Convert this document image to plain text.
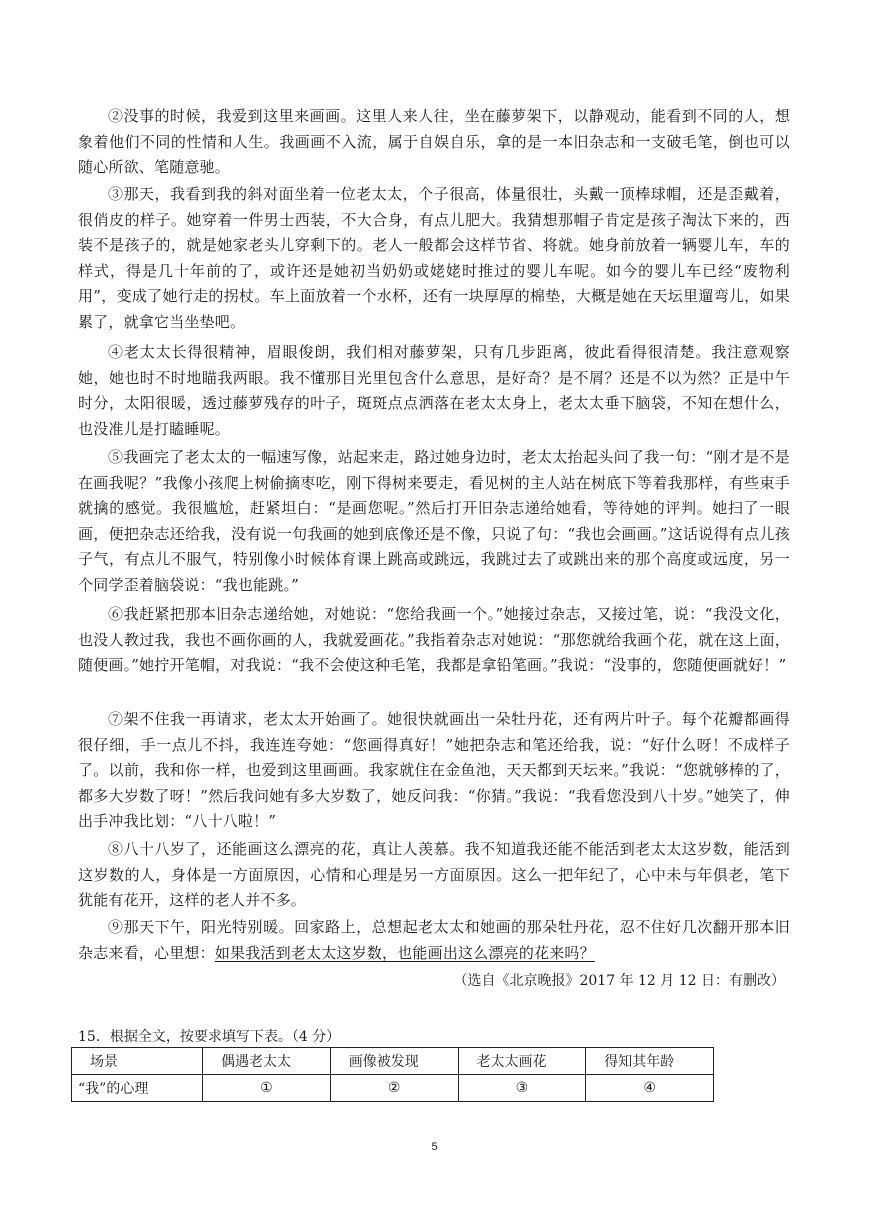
②没事的时候，我爱到这里来画画。这里人来人往，坐在藤萝架下，以静观动，能看到不同的人，想象着他们不同的性情和人生。我画画不入流，属于自娱自乐，拿的是一本旧杂志和一支破毛笔，倒也可以随心所欲、笔随意驰。

③那天，我看到我的斜对面坐着一位老太太，个子很高，体量很壮，头戴一顶棒球帽，还是歪戴着，很俏皮的样子。她穿着一件男士西装，不大合身，有点儿肥大。我猜想那帽子肯定是孩子淘汰下来的，西装不是孩子的，就是她家老头儿穿剩下的。老人一般都会这样节省、将就。她身前放着一辆婴儿车，车的样式，得是几十年前的了，或许还是她初当奶奶或姥姥时推过的婴儿车呢。如今的婴儿车已经“废物利用”，变成了她行走的拐杖。车上面放着一个水杯，还有一块厚厚的棉垫，大概是她在天坛里遛弯儿，如果累了，就拿它当坐垫吧。

④老太太长得很精神，眉眼俊朗，我们相对藤萝架，只有几步距离，彼此看得很清楚。我注意观察她，她也时不时地瞄我两眼。我不懂那目光里包含什么意思，是好奇？是不屑？还是不以为然？正是中午时分，太阳很暖，透过藤萝残存的叶子，斑斑点点洒落在老太太身上，老太太垂下脑袋，不知在想什么，也没准儿是打瞌睡呢。

⑤我画完了老太太的一幅速写像，站起来走，路过她身边时，老太太抬起头问了我一句：“刚才是不是在画我呢？”我像小孩爬上树偷摘枣吃，刚下得树来要走，看见树的主人站在树底下等着我那样，有些束手就擒的感觉。我很尴尬，赶紧坦白：“是画您呢。”然后打开旧杂志递给她看，等待她的评判。她扫了一眼画，便把杂志还给我，没有说一句我画的她到底像还是不像，只说了句：“我也会画画。”这话说得有点儿孩子气，有点儿不服气，特别像小时候体育课上跳高或跳远，我跳过去了或跳出来的那个高度或远度，另一个同学歪着脑袋说：“我也能跳。”

⑥我赶紧把那本旧杂志递给她，对她说：“您给我画一个。”她接过杂志，又接过笔，说：“我没文化，也没人教过我，我也不画你画的人，我就爱画花。”我指着杂志对她说：“那您就给我画个花，就在这上面，随便画。”她拧开笔帽，对我说：“我不会使这种毛笔，我都是拿铅笔画。”我说：“没事的，您随便画就好！”

⑦架不住我一再请求，老太太开始画了。她很快就画出一朵牡丹花，还有两片叶子。每个花瓣都画得很仔细，手一点儿不抖，我连连夸她：“您画得真好！”她把杂志和笔还给我，说：“好什么呀！不成样子了。以前，我和你一样，也爱到这里画画。我家就住在金鱼池，天天都到天坛来。”我说：“您就够棒的了，都多大岁数了呀！”然后我问她有多大岁数了，她反问我：“你猜。”我说：“我看您没到八十岁。”她笑了，伸出手冲我比划：“八十八啦！”

⑧八十八岁了，还能画这么漂亮的花，真让人羡慕。我不知道我还能不能活到老太太这岁数，能活到这岁数的人，身体是一方面原因，心情和心理是另一方面原因。这么一把年纪了，心中未与年俱老，笔下犹能有花开，这样的老人并不多。

⑨那天下午，阳光特别暖。回家路上，总想起老太太和她画的那朵牡丹花，忍不住好几次翻开那本旧杂志来看，心里想：如果我活到老太太这岁数，也能画出这么漂亮的花来吗？

（选自《北京晚报》2017 年 12 月 12 日：有删改）

15．根据全文，按要求填写下表。（4 分）

场景	偶遇老太太	画像被发现	老太太画花	得知其年龄
“我”的心理	①	②	③	④

5
